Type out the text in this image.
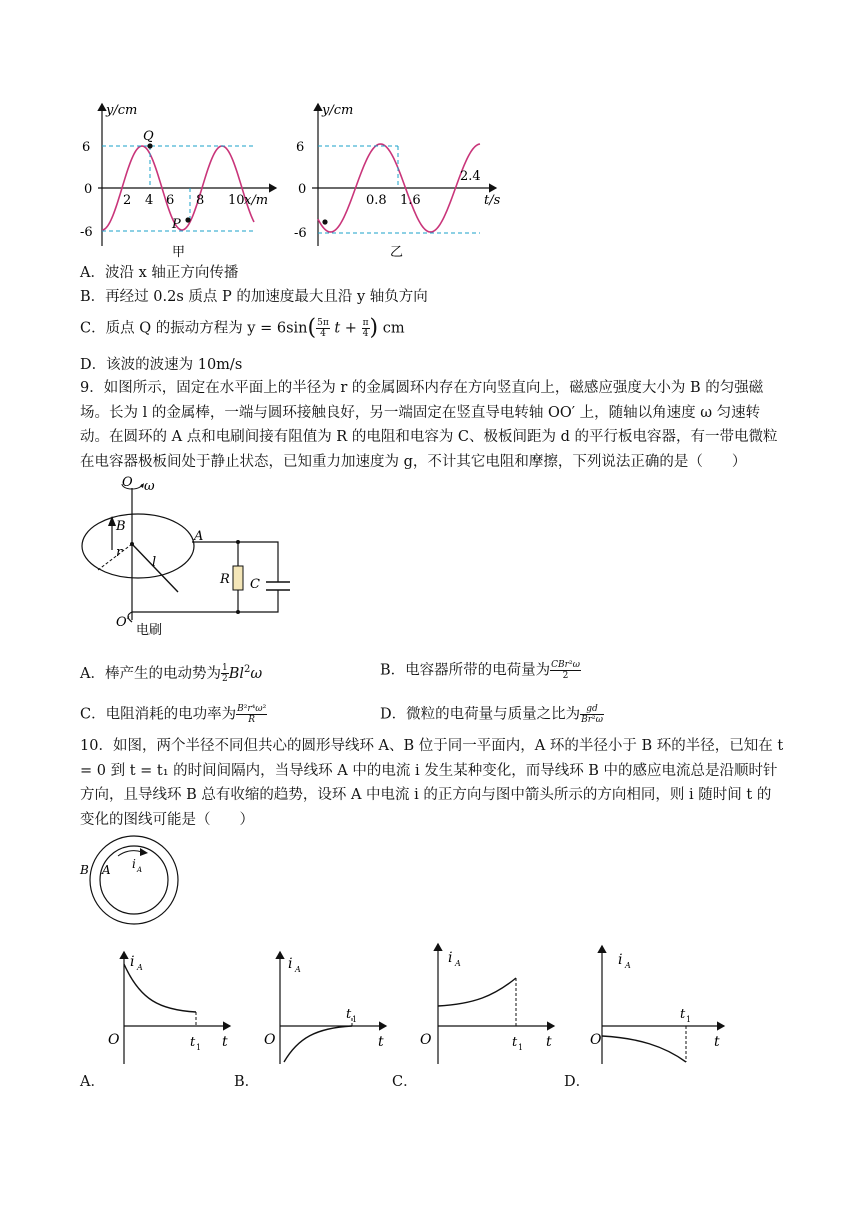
y/cm
6
0
-6
2 4 6 8 10 x/m
Q
P
甲
y/cm
6
0
-6
0.8 1.6
2.4
t/s
乙
A．波沿 x 轴正方向传播
B．再经过 0.2s 质点 P 的加速度最大且沿 y 轴负方向
C．质点 Q 的振动方程为 $y = 6\sin( \frac{5\pi}{4}$ $t + \frac{\pi}{4}$ ) cm
D．该波的波速为 10m/s
9．如图所示，固定在水平面上的半径为 r 的金属圆环内存在方向竖直向上，磁感应强度大小为 B 的匀强磁场。长为 l 的金属棒，一端与圆环接触良好，另一端固定在竖直导电转轴 OO′ 上，随轴以角速度 ω 匀速转动。在圆环的 A 点和电刷间接有阻值为 R 的电阻和电容为 C、极板间距为 d 的平行板电容器，有一带电微粒在电容器极板间处于静止状态，已知重力加速度为 g，不计其它电阻和摩擦，下列说法正确的是（　　）
O ω
B
r
l
A
R C
O′
电刷
A．棒产生的电动势为 $\frac{1}{2} Bl^2\omega$	B．电容器所带的电荷量为 $\frac{\text{CBr²ω}}{2}$
C．电阻消耗的电功率为 $\frac{\text{B²r⁴ω²}}{R}$	D．微粒的电荷量与质量之比为 $\frac{gd}{\text{Br²ω}}$
10．如图，两个半径不同但共心的圆形导线环 A、B 位于同一平面内，A 环的半径小于 B 环的半径，已知在 t = 0 到 t = t₁ 的时间间隔内，当导线环 A 中的电流 i 发生某种变化，而导线环 B 中的感应电流总是沿顺时针方向，且导线环 B 总有收缩的趋势，设环 A 中电流 i 的正方向与图中箭头所示的方向相同，则 i 随时间 t 的变化的图线可能是（　　）
B A i A
i A
O	t 1 t
i A
O
t 1
t
i A
O	t 1 t
i A
O
t 1
t
A．	B．	C．	D．
